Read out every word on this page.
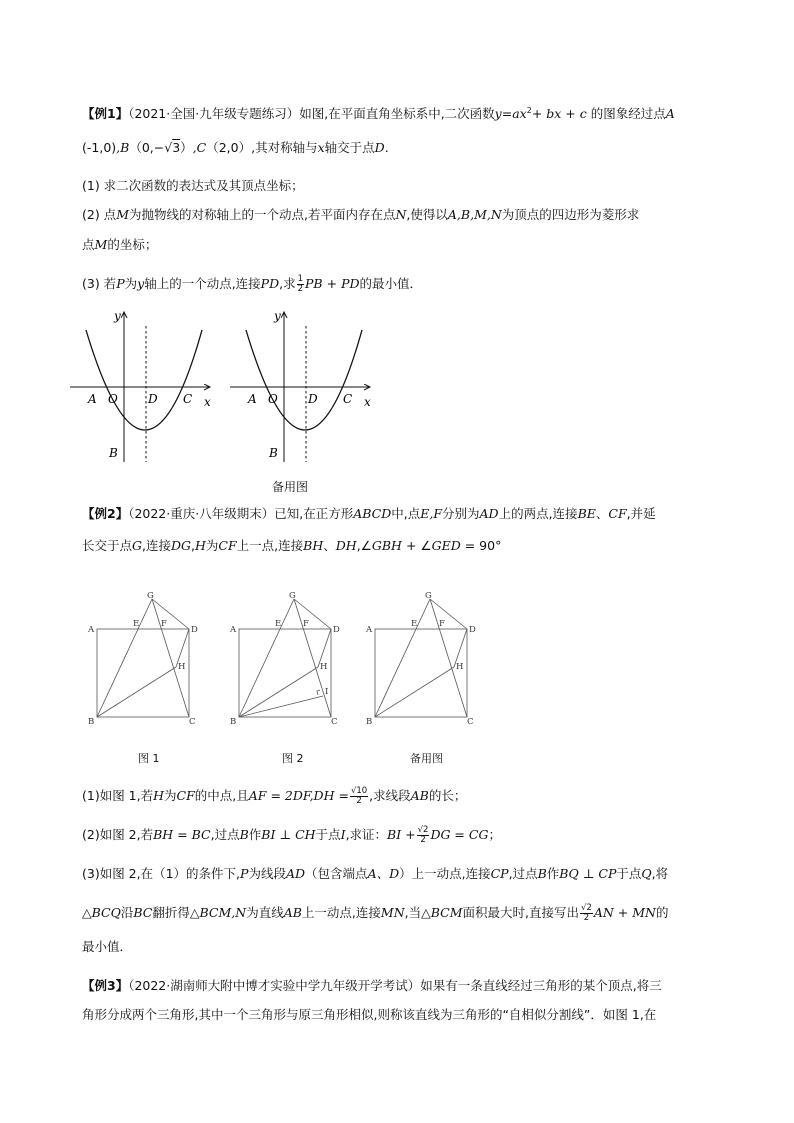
【例1】（2021·全国·九年级专题练习）如图,在平面直角坐标系中,二次函数$y=ax^2+$ bx + c 的图象经过点A
(-1,0),B（0,−√3）,C（2,0）,其对称轴与x轴交于点D.
(1) 求二次函数的表达式及其顶点坐标；
(2) 点M为抛物线的对称轴上的一个动点,若平面内存在点N,使得以A,B,M,N为顶点的四边形为菱形求
点M的坐标；
(3) 若P为y轴上的一个动点,连接PD,求 $\frac{1}{2}$ PB + PD的最小值．
y
x
A O	D C
B
y
x
A O	D C
B
备用图
【例2】（2022·重庆·八年级期末）已知,在正方形ABCD中,点E,F分别为AD上的两点,连接BE、CF,并延
长交于点G,连接DG,H为CF上一点,连接BH、DH,∠GBH + ∠GED = 90°
A
B	C
D
E	F
G
H
A
B	C
D
E	F
G
H
I
A
B	C
D
E	F
G
H
图 1	图 2	备用图
(1)如图 1,若H为CF的中点,且AF = $2DF,DH = \frac{√10}{2}$ ,求线段AB的长；
(2)如图 2,若BH = BC,过点B作BI ⊥ CH于点I,求证：BI + $\frac{√2}{2}$ DG = CG；
(3)如图 2,在（1）的条件下,P为线段AD（包含端点A、D）上一动点,连接CP,过点B作BQ ⊥ CP于点Q,将
△BCQ沿BC翻折得△BCM,N为直线AB上一动点,连接MN,当△BCM面积最大时,直接写出 $\frac{√2}{2}$ AN + MN的
最小值．
【例3】（2022·湖南师大附中博才实验中学九年级开学考试）如果有一条直线经过三角形的某个顶点,将三
角形分成两个三角形,其中一个三角形与原三角形相似,则称该直线为三角形的“自相似分割线”．如图 1,在
